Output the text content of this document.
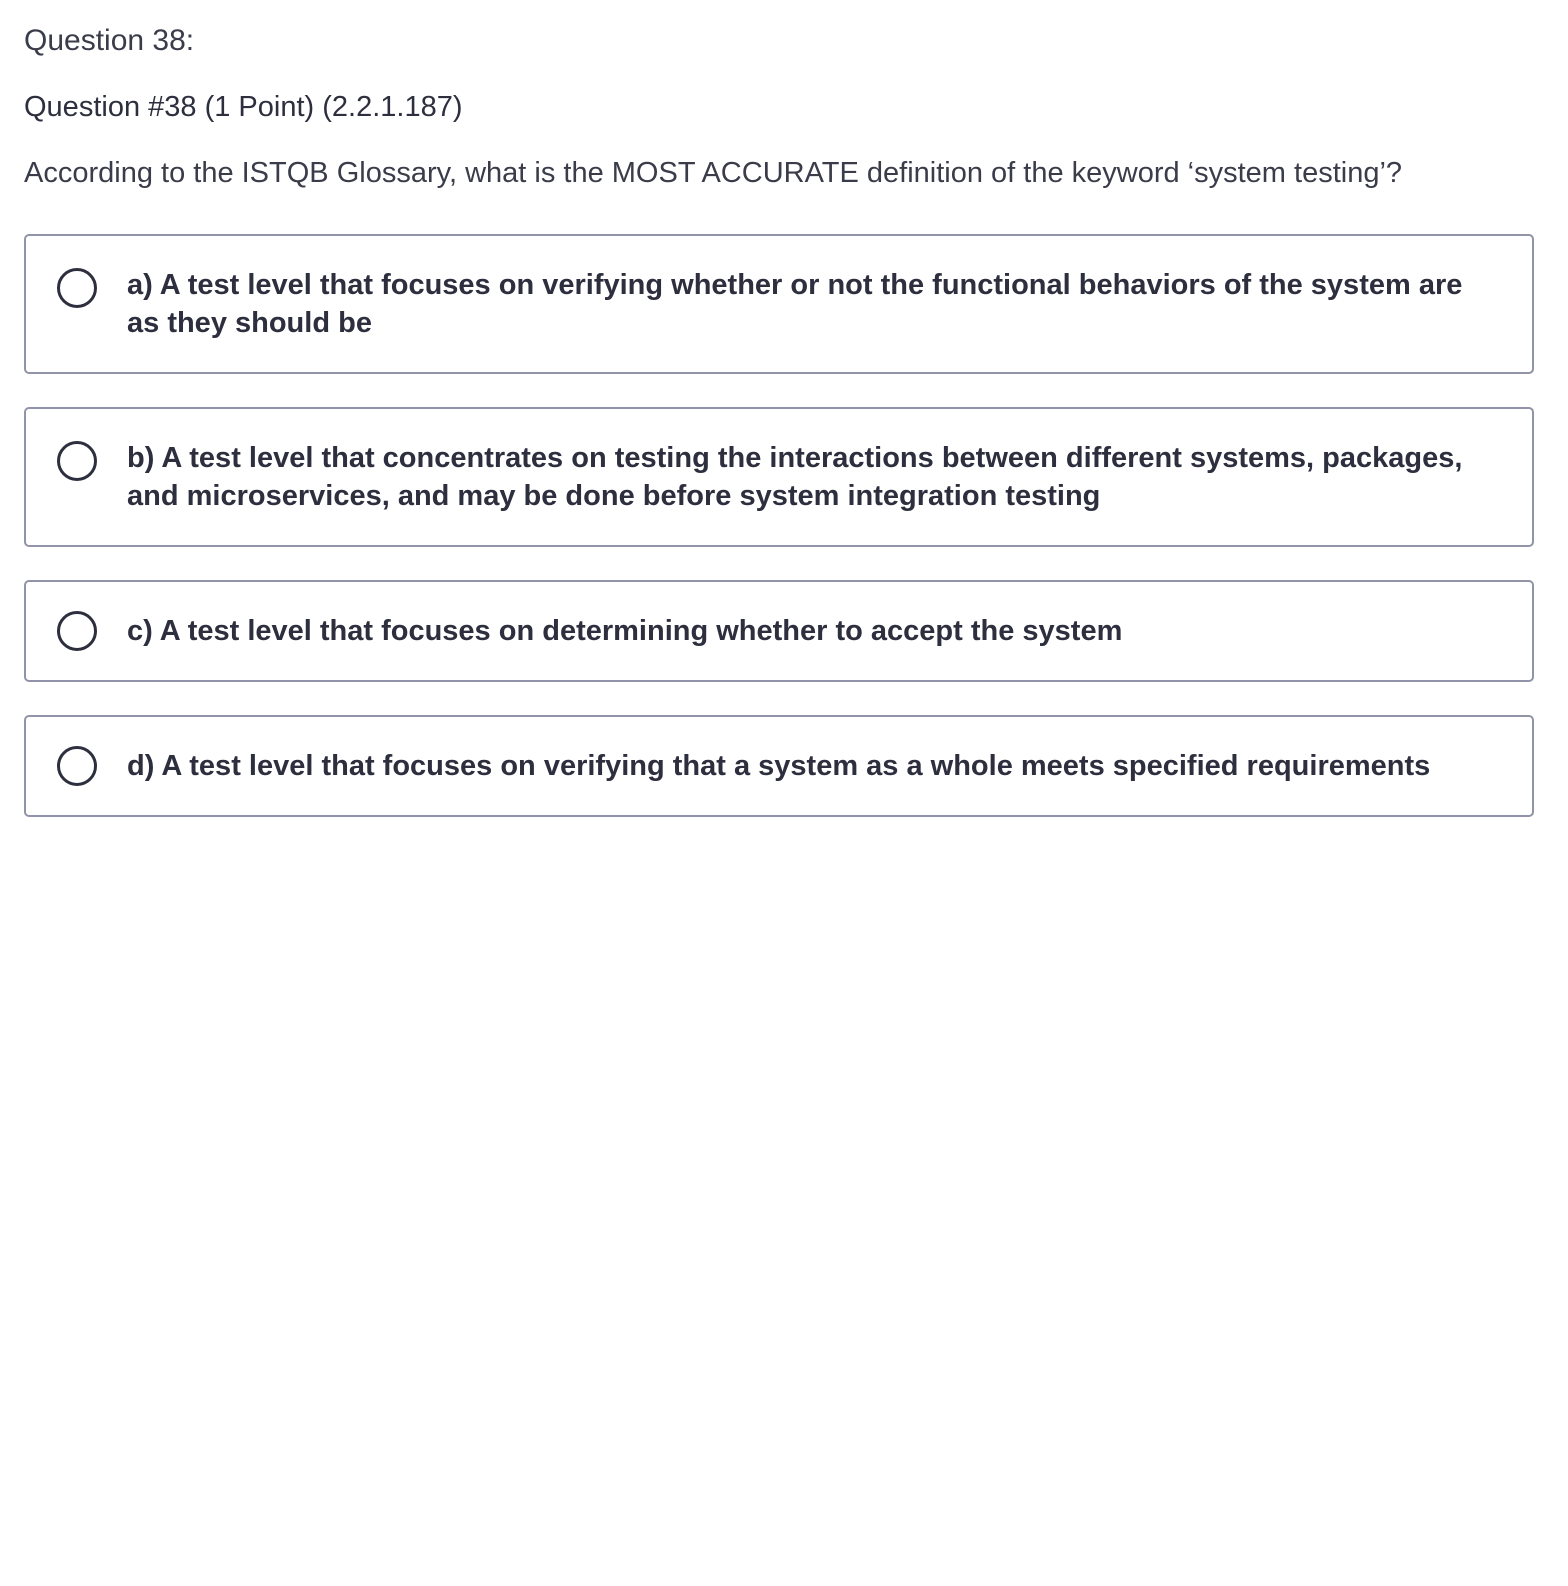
Question 38:
Question #38 (1 Point) (2.2.1.187)
According to the ISTQB Glossary, what is the MOST ACCURATE definition of the keyword ‘system testing’?
a) A test level that focuses on verifying whether or not the functional behaviors of the system are as they should be
b) A test level that concentrates on testing the interactions between different systems, packages, and microservices, and may be done before system integration testing
c) A test level that focuses on determining whether to accept the system
d) A test level that focuses on verifying that a system as a whole meets specified requirements
